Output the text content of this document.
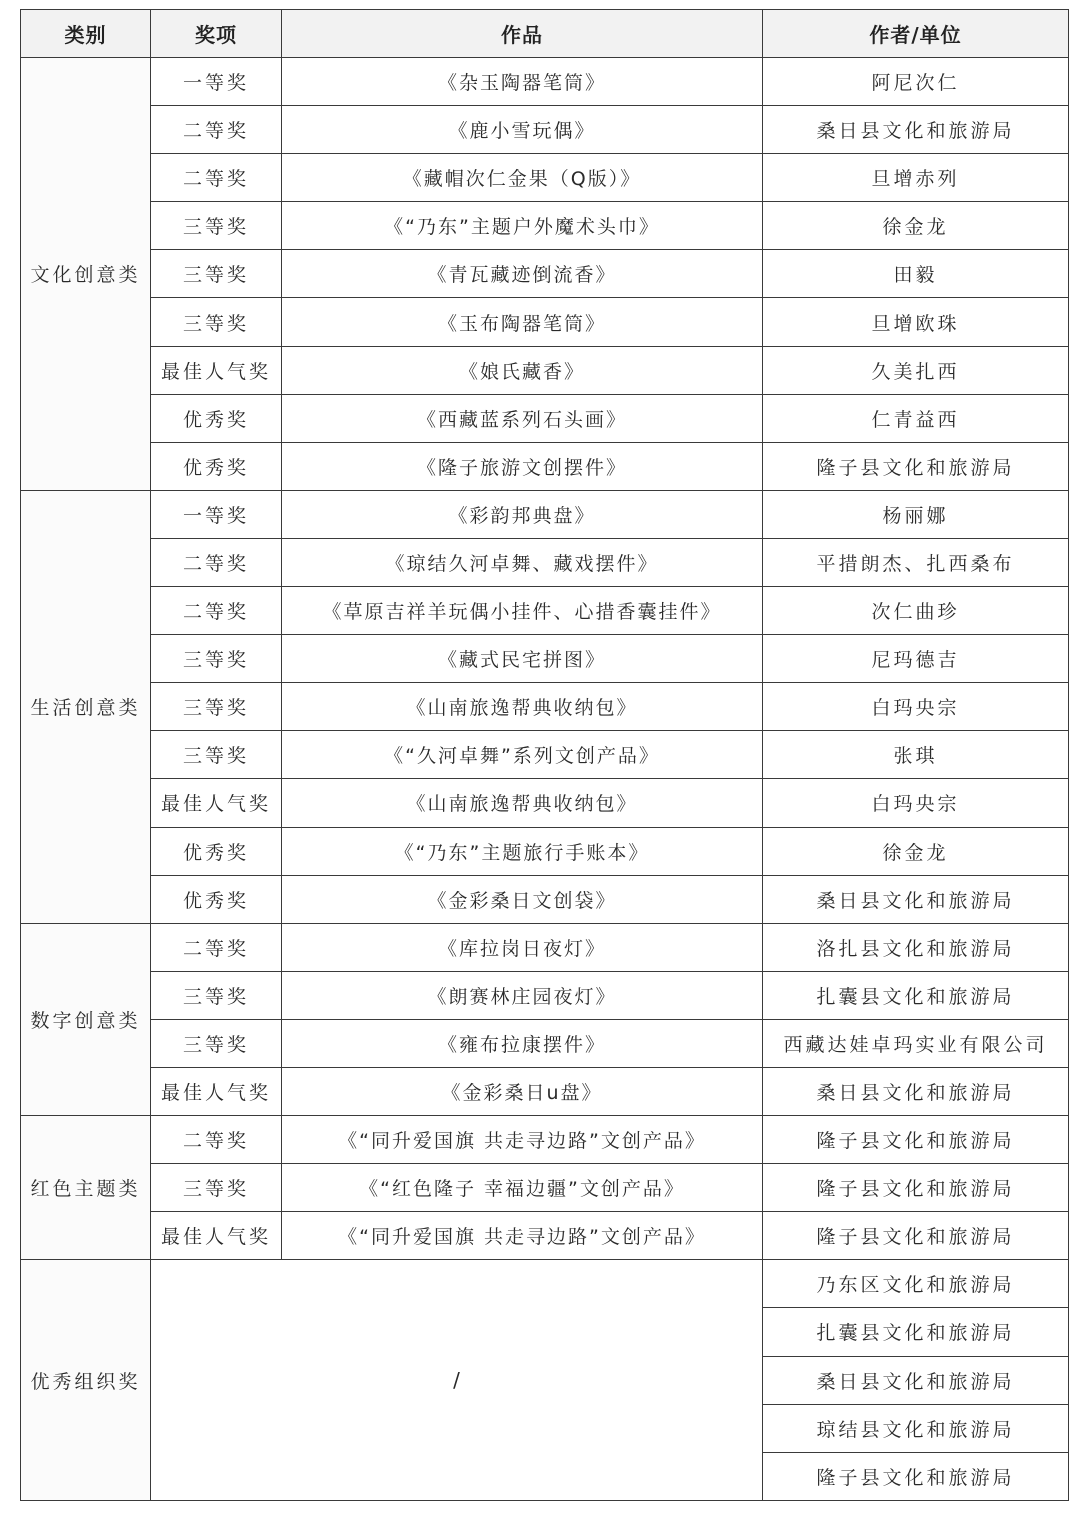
类别	奖项	作品	作者/单位
文化创意类	一等奖	《杂玉陶器笔筒》	阿尼次仁
	二等奖	《鹿小雪玩偶》	桑日县文化和旅游局
	二等奖	《藏帽次仁金果（Q版）》	旦增赤列
	三等奖	《“乃东”主题户外魔术头巾》	徐金龙
	三等奖	《青瓦藏迹倒流香》	田毅
	三等奖	《玉布陶器笔筒》	旦增欧珠
	最佳人气奖	《娘氏藏香》	久美扎西
	优秀奖	《西藏蓝系列石头画》	仁青益西
	优秀奖	《隆子旅游文创摆件》	隆子县文化和旅游局
生活创意类	一等奖	《彩韵邦典盘》	杨丽娜
	二等奖	《琼结久河卓舞、藏戏摆件》	平措朗杰、扎西桑布
	二等奖	《草原吉祥羊玩偶小挂件、心措香囊挂件》	次仁曲珍
	三等奖	《藏式民宅拼图》	尼玛德吉
	三等奖	《山南旅逸帮典收纳包》	白玛央宗
	三等奖	《“久河卓舞”系列文创产品》	张琪
	最佳人气奖	《山南旅逸帮典收纳包》	白玛央宗
	优秀奖	《“乃东”主题旅行手账本》	徐金龙
	优秀奖	《金彩桑日文创袋》	桑日县文化和旅游局
数字创意类	二等奖	《库拉岗日夜灯》	洛扎县文化和旅游局
	三等奖	《朗赛林庄园夜灯》	扎囊县文化和旅游局
	三等奖	《雍布拉康摆件》	西藏达娃卓玛实业有限公司
	最佳人气奖	《金彩桑日u盘》	桑日县文化和旅游局
红色主题类	二等奖	《“同升爱国旗 共走寻边路”文创产品》	隆子县文化和旅游局
	三等奖	《“红色隆子 幸福边疆”文创产品》	隆子县文化和旅游局
	最佳人气奖	《“同升爱国旗 共走寻边路”文创产品》	隆子县文化和旅游局
优秀组织奖	/		乃东区文化和旅游局
			扎囊县文化和旅游局
			桑日县文化和旅游局
			琼结县文化和旅游局
			隆子县文化和旅游局
